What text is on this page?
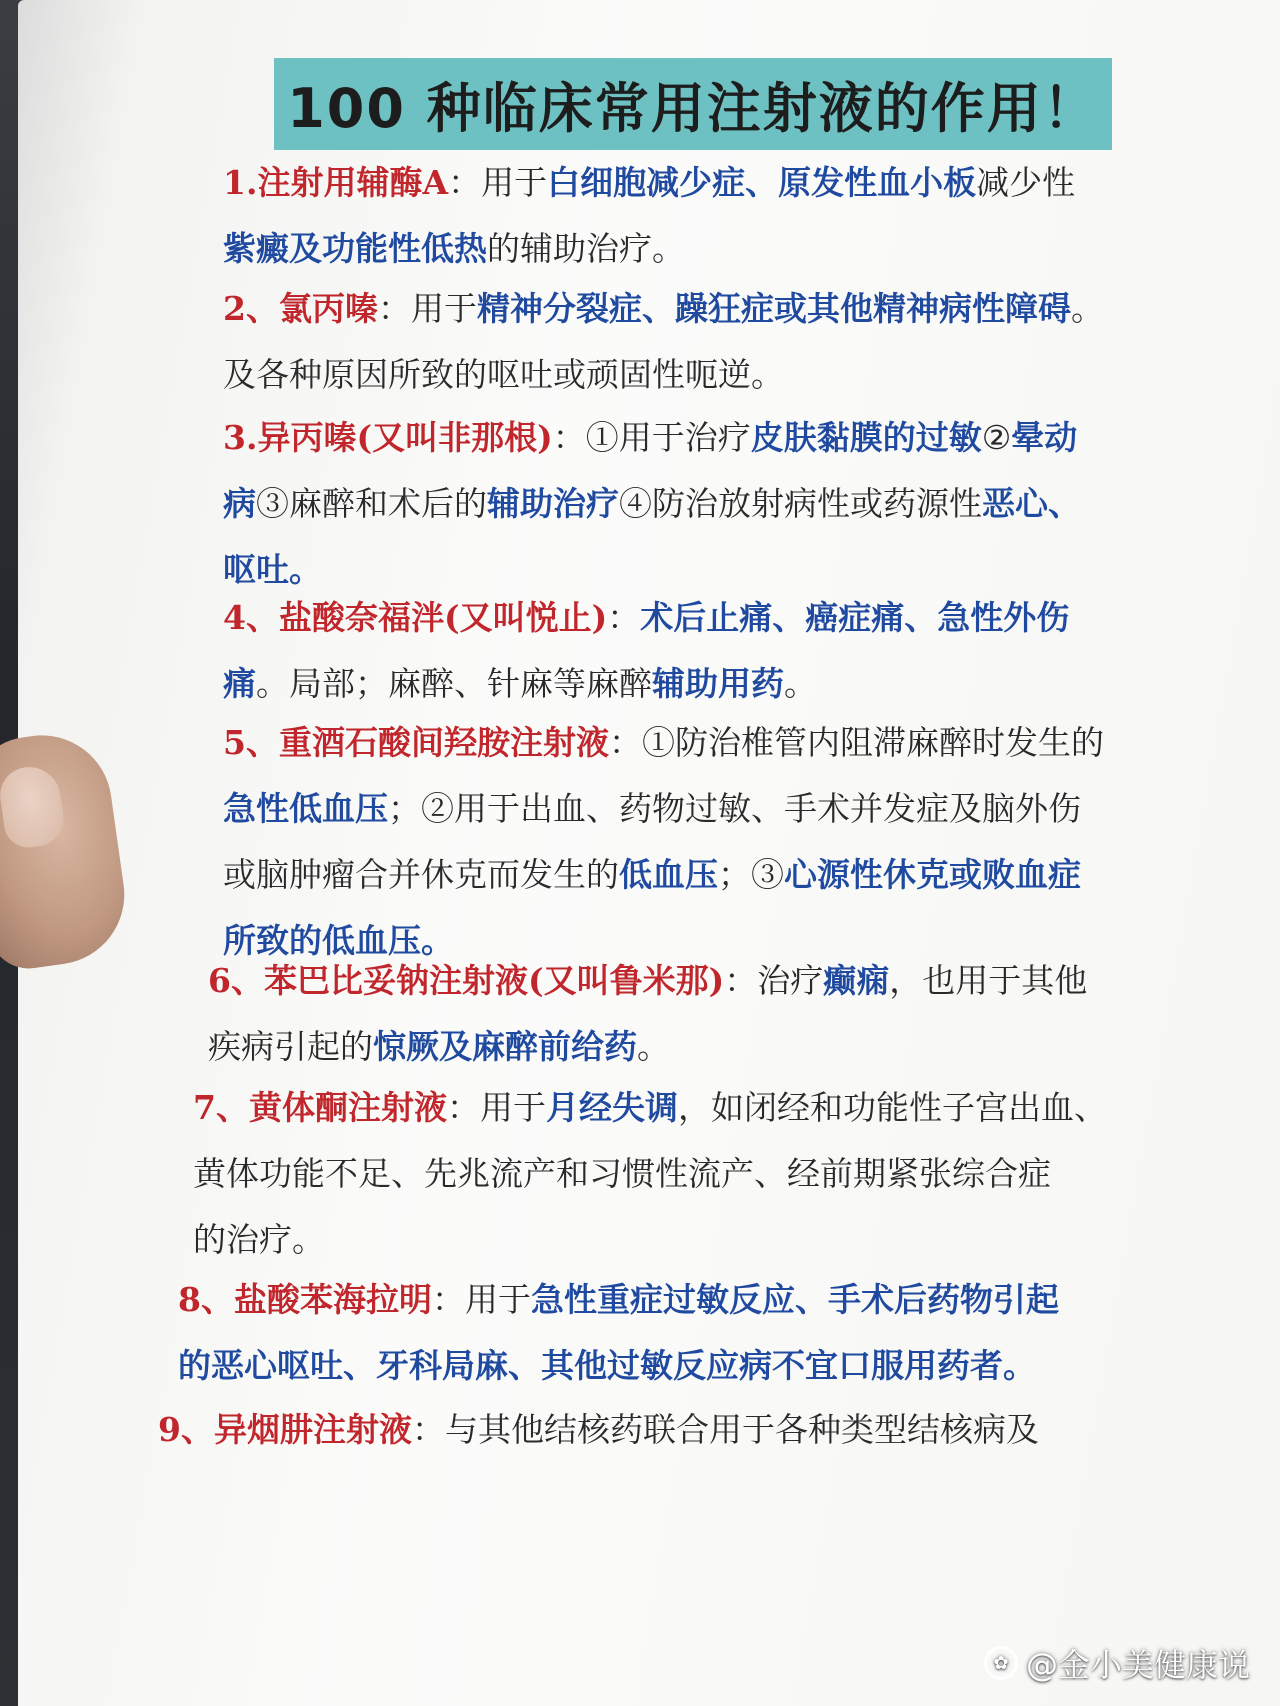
100 种临床常用注射液的作用！
1.注射用辅酶A：用于白细胞减少症、原发性血小板减少性
紫癜及功能性低热的辅助治疗。
2、氯丙嗪：用于精神分裂症、躁狂症或其他精神病性障碍。
及各种原因所致的呕吐或顽固性呃逆。
3.异丙嗪(又叫非那根)：①用于治疗皮肤黏膜的过敏②晕动
病③麻醉和术后的辅助治疗④防治放射病性或药源性恶心、
呕吐。
4、盐酸奈福泮(又叫悦止)：术后止痛、癌症痛、急性外伤
痛。局部；麻醉、针麻等麻醉辅助用药。
5、重酒石酸间羟胺注射液：①防治椎管内阻滞麻醉时发生的
急性低血压；②用于出血、药物过敏、手术并发症及脑外伤
或脑肿瘤合并休克而发生的低血压；③心源性休克或败血症
所致的低血压。
6、苯巴比妥钠注射液(又叫鲁米那)：治疗癫痫，也用于其他
疾病引起的惊厥及麻醉前给药。
7、黄体酮注射液：用于月经失调，如闭经和功能性子宫出血、
黄体功能不足、先兆流产和习惯性流产、经前期紧张综合症
的治疗。
8、盐酸苯海拉明：用于急性重症过敏反应、手术后药物引起
的恶心呕吐、牙科局麻、其他过敏反应病不宜口服用药者。
9、异烟肼注射液：与其他结核药联合用于各种类型结核病及
✿ @金小美健康说
